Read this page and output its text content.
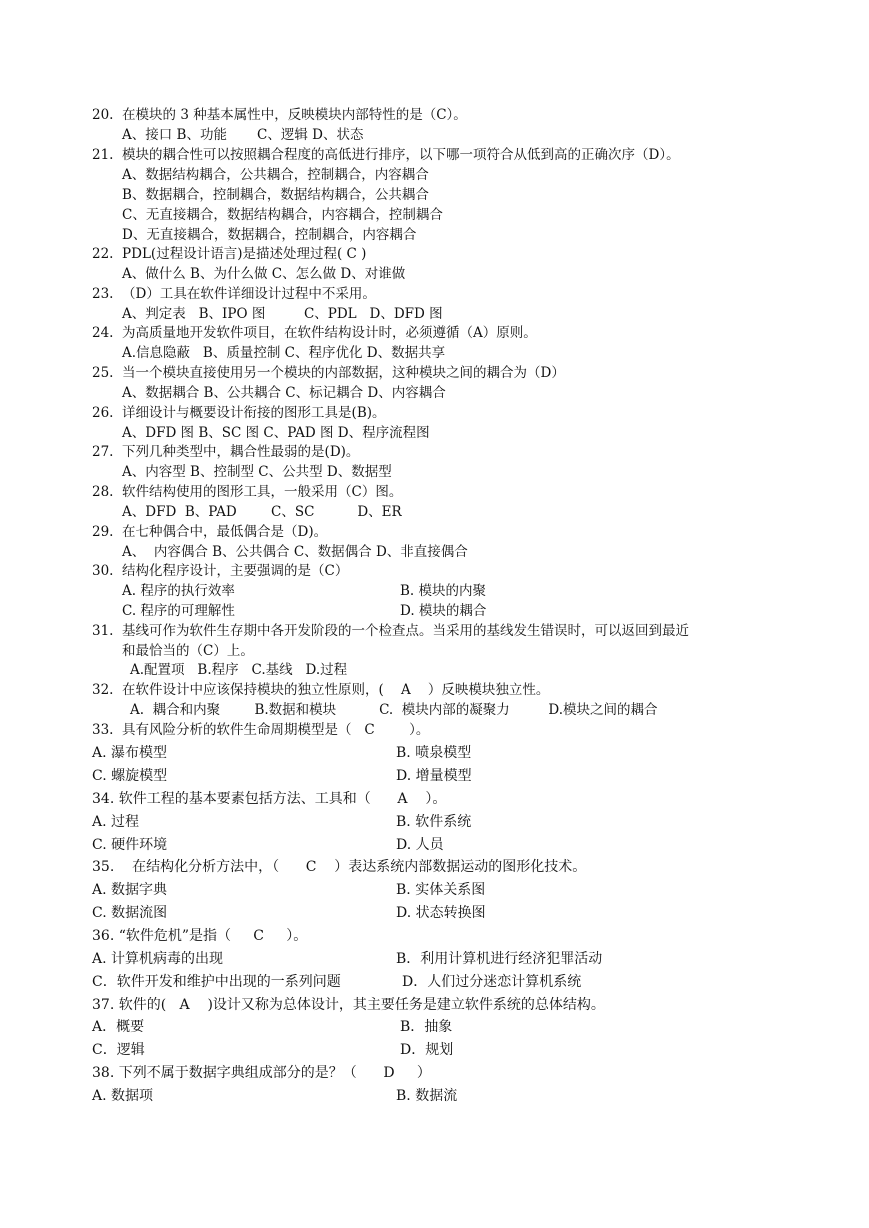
20.  在模块的 3 种基本属性中，反映模块内部特性的是（C）。
A、接口 B、功能       C、逻辑 D、状态
21.  模块的耦合性可以按照耦合程度的高低进行排序，以下哪一项符合从低到高的正确次序（D）。
A、数据结构耦合，公共耦合，控制耦合，内容耦合
B、数据耦合，控制耦合，数据结构耦合，公共耦合
C、无直接耦合，数据结构耦合，内容耦合，控制耦合
D、无直接耦合，数据耦合，控制耦合，内容耦合
22.  PDL(过程设计语言)是描述处理过程( C )
A、做什么 B、为什么做 C、怎么做 D、对谁做
23.  （D）工具在软件详细设计过程中不采用。
A、判定表   B、IPO 图         C、PDL   D、DFD 图
24.  为高质量地开发软件项目，在软件结构设计时，必须遵循（A）原则。
A.信息隐蔽   B、质量控制 C、程序优化 D、数据共享
25.  当一个模块直接使用另一个模块的内部数据，这种模块之间的耦合为（D）
A、数据耦合 B、公共耦合 C、标记耦合 D、内容耦合
26.  详细设计与概要设计衔接的图形工具是(B)。
A、DFD 图 B、SC 图 C、PAD 图 D、程序流程图
27.  下列几种类型中，耦合性最弱的是(D)。
A、内容型 B、控制型 C、公共型 D、数据型
28.  软件结构使用的图形工具，一般采用（C）图。
A、DFD  B、PAD        C、SC          D、ER
29.  在七种偶合中，最低偶合是（D)。
A、  内容偶合 B、公共偶合 C、数据偶合 D、非直接偶合
30.  结构化程序设计，主要强调的是（C）
A. 程序的执行效率	B. 模块的内聚
C. 程序的可理解性	D. 模块的耦合
31.  基线可作为软件生存期中各开发阶段的一个检查点。当采用的基线发生错误时，可以返回到最近
和最恰当的（C）上。
A.配置项   B.程序   C.基线   D.过程
32.  在软件设计中应该保持模块的独立性原则，(    A    ）反映模块独立性。
A.  耦合和内聚        B.数据和模块          C.  模块内部的凝聚力         D.模块之间的耦合
33.  具有风险分析的软件生命周期模型是（   C        ）。
A. 瀑布模型	B. 喷泉模型
C. 螺旋模型	D. 增量模型
34. 软件工程的基本要素包括方法、工具和（      A    ）。
A. 过程	B. 软件系统
C. 硬件环境	D. 人员
35.    在结构化分析方法中，（      C    ）表达系统内部数据运动的图形化技术。
A. 数据字典	B. 实体关系图
C. 数据流图	D. 状态转换图
36. “软件危机”是指（     C     ）。
A. 计算机病毒的出现	B．利用计算机进行经济犯罪活动
C．软件开发和维护中出现的一系列问题	D．人们过分迷恋计算机系统
37. 软件的(   A    )设计又称为总体设计，其主要任务是建立软件系统的总体结构。
A．概要	B．抽象
C．逻辑	D．规划
38. 下列不属于数据字典组成部分的是？（      D     ）
A. 数据项	B. 数据流
